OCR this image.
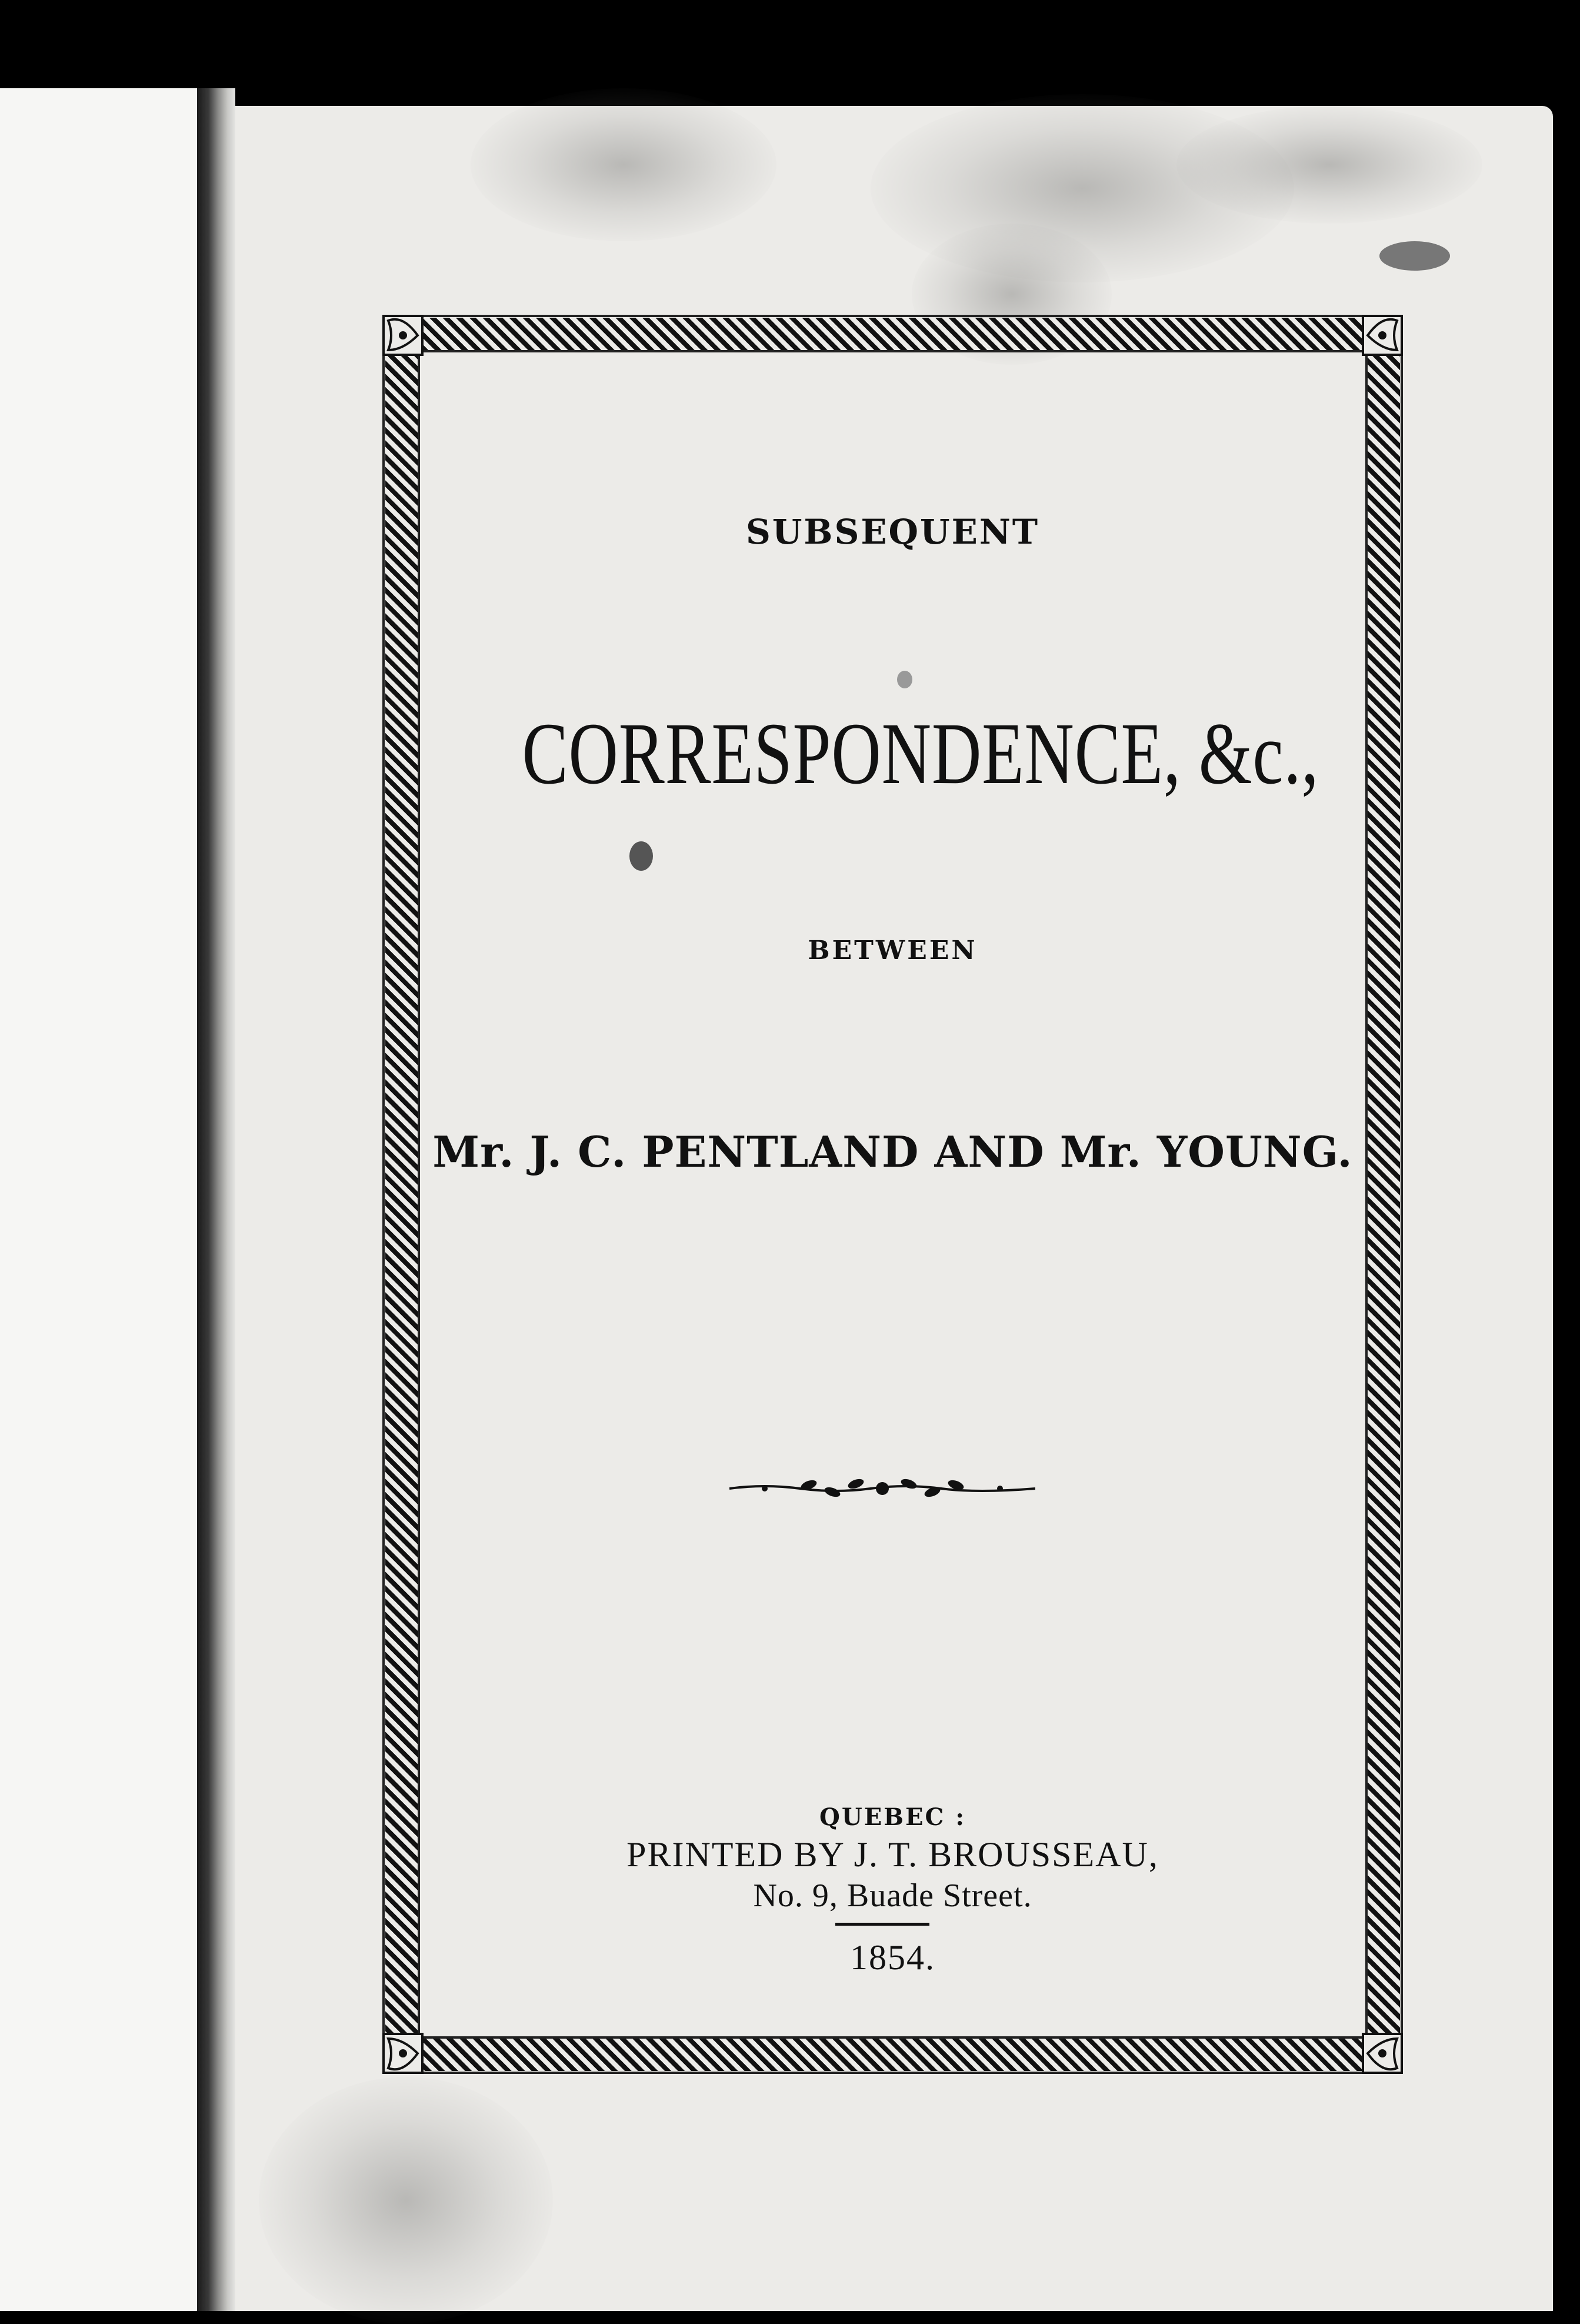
SUBSEQUENT
CORRESPONDENCE, &c.,
BETWEEN
Mr. J. C. PENTLAND AND Mr. YOUNG.
QUEBEC :
PRINTED BY J. T. BROUSSEAU,
No. 9, Buade Street.
1854.
